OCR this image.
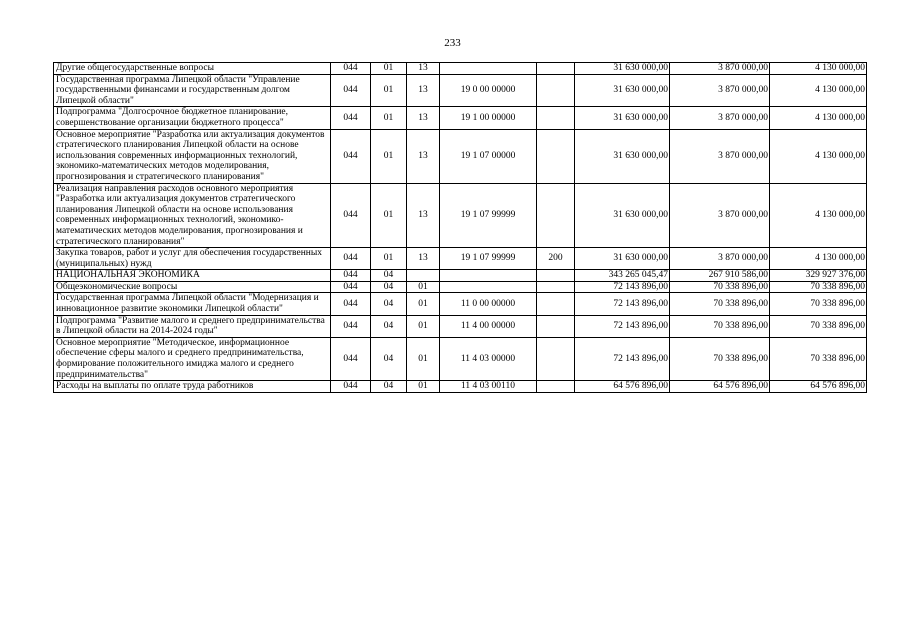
233
Другие общегосударственные вопросы	044	01	13			31 630 000,00	3 870 000,00	4 130 000,00
Государственная программа Липецкой области "Управление государственными финансами и государственным долгом Липецкой области"	044	01	13	19 0 00 00000		31 630 000,00	3 870 000,00	4 130 000,00
Подпрограмма "Долгосрочное бюджетное планирование, совершенствование организации бюджетного процесса"	044	01	13	19 1 00 00000		31 630 000,00	3 870 000,00	4 130 000,00
Основное мероприятие "Разработка или актуализация документов стратегического планирования Липецкой области на основе использования современных информационных технологий, экономико-математических методов моделирования, прогнозирования и стратегического планирования"	044	01	13	19 1 07 00000		31 630 000,00	3 870 000,00	4 130 000,00
Реализация направления расходов основного мероприятия "Разработка или актуализация документов стратегического планирования Липецкой области на основе использования современных информационных технологий, экономико-математических методов моделирования, прогнозирования и стратегического планирования"	044	01	13	19 1 07 99999		31 630 000,00	3 870 000,00	4 130 000,00
Закупка товаров, работ и услуг для обеспечения государственных (муниципальных) нужд	044	01	13	19 1 07 99999	200	31 630 000,00	3 870 000,00	4 130 000,00
НАЦИОНАЛЬНАЯ ЭКОНОМИКА	044	04				343 265 045,47	267 910 586,00	329 927 376,00
Общеэкономические вопросы	044	04	01			72 143 896,00	70 338 896,00	70 338 896,00
Государственная программа Липецкой области "Модернизация и инновационное развитие экономики Липецкой области"	044	04	01	11 0 00 00000		72 143 896,00	70 338 896,00	70 338 896,00
Подпрограмма "Развитие малого и среднего предпринимательства в Липецкой области на 2014-2024 годы"	044	04	01	11 4 00 00000		72 143 896,00	70 338 896,00	70 338 896,00
Основное мероприятие "Методическое, информационное обеспечение сферы малого и среднего предпринимательства, формирование положительного имиджа малого и среднего предпринимательства"	044	04	01	11 4 03 00000		72 143 896,00	70 338 896,00	70 338 896,00
Расходы на выплаты по оплате труда работников	044	04	01	11 4 03 00110		64 576 896,00	64 576 896,00	64 576 896,00
